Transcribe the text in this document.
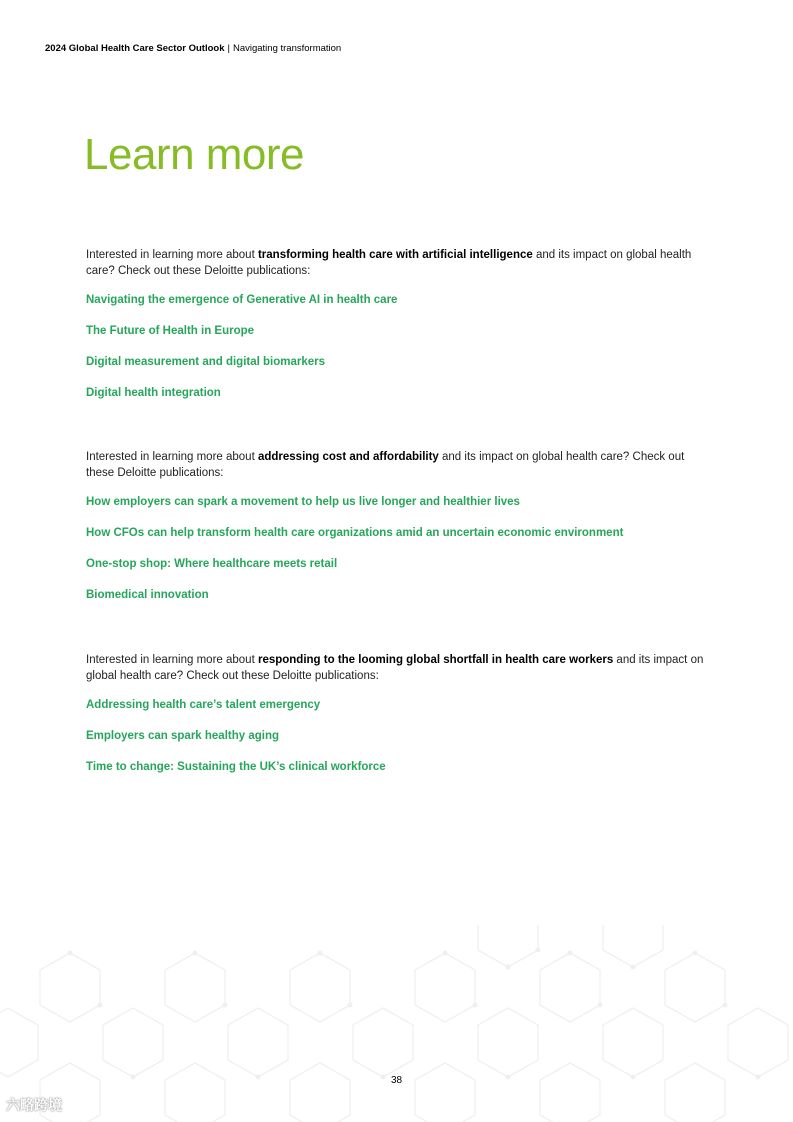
2024 Global Health Care Sector Outlook | Navigating transformation
Learn more

Interested in learning more about transforming health care with artificial intelligence and its impact on global health care? Check out these Deloitte publications:

Navigating the emergence of Generative AI in health care
The Future of Health in Europe
Digital measurement and digital biomarkers
Digital health integration

Interested in learning more about addressing cost and affordability and its impact on global health care? Check out these Deloitte publications:

How employers can spark a movement to help us live longer and healthier lives
How CFOs can help transform health care organizations amid an uncertain economic environment
One-stop shop: Where healthcare meets retail
Biomedical innovation

Interested in learning more about responding to the looming global shortfall in health care workers and its impact on global health care? Check out these Deloitte publications:

Addressing health care’s talent emergency
Employers can spark healthy aging
Time to change: Sustaining the UK’s clinical workforce
38
六略跨境
